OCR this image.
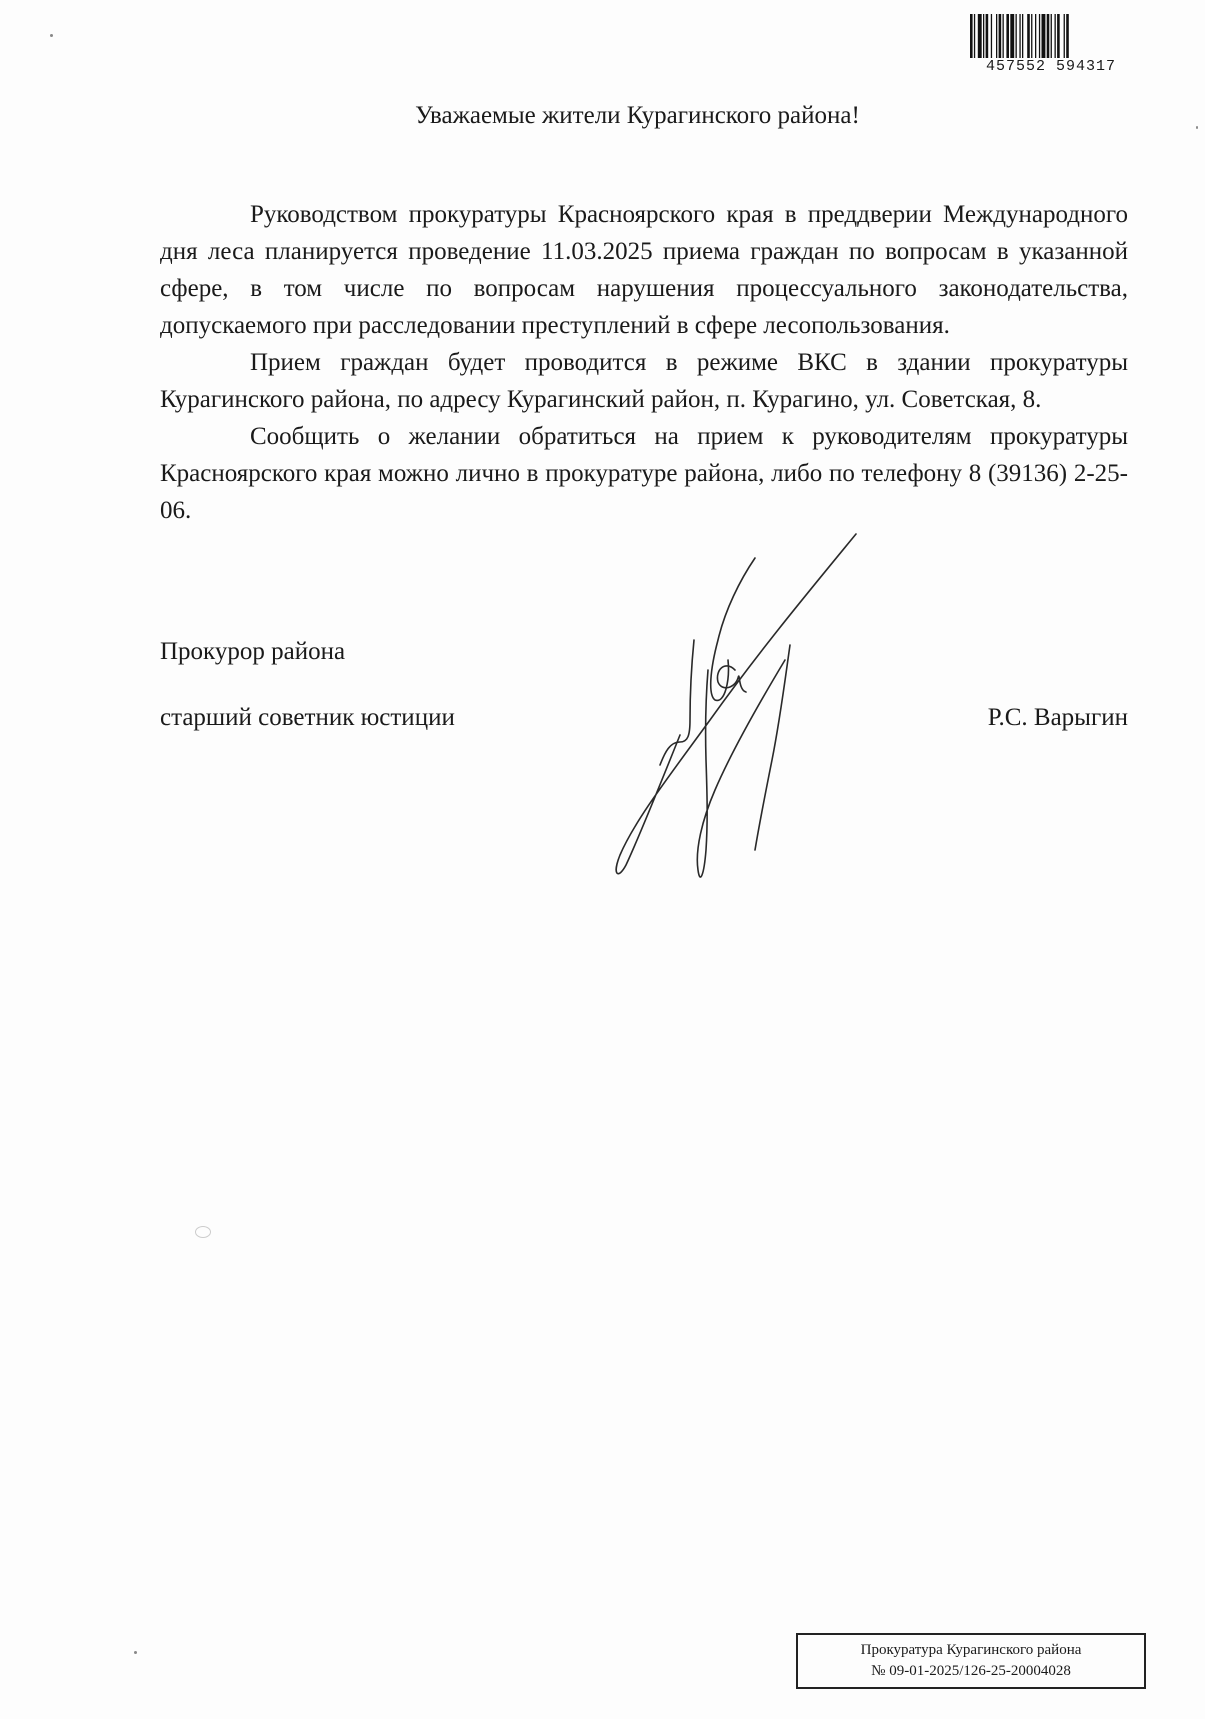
457552 594317
Уважаемые жители Курагинского района!

Руководством прокуратуры Красноярского края в преддверии Международного дня леса планируется проведение 11.03.2025 приема граждан по вопросам в указанной сфере, в том числе по вопросам нарушения процессуального законодательства, допускаемого при расследовании преступлений в сфере лесопользования.

Прием граждан будет проводится в режиме ВКС в здании прокуратуры Курагинского района, по адресу Курагинский район, п. Курагино, ул. Советская, 8.

Сообщить о желании обратиться на прием к руководителям прокуратуры Красноярского края можно лично в прокуратуре района, либо по телефону 8 (39136) 2-25-06.

Прокурор района
старший советник юстиции	Р.С. Варыгин
Прокуратура Курагинского района
№ 09-01-2025/126-25-20004028
